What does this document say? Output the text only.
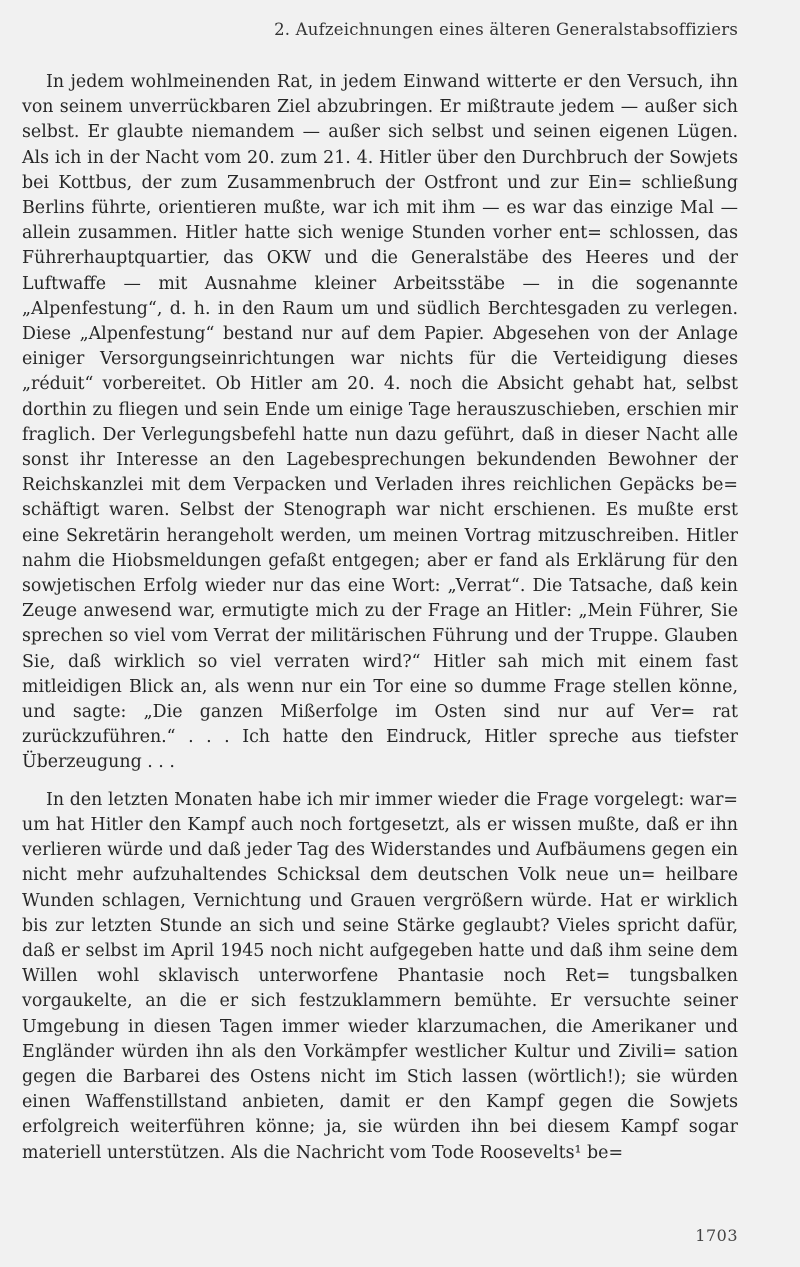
2. Aufzeichnungen eines älteren Generalstabsoffiziers

In jedem wohlmeinenden Rat, in jedem Einwand witterte er den Versuch, ihn von seinem unverrückbaren Ziel abzubringen. Er mißtraute jedem — außer sich selbst. Er glaubte niemandem — außer sich selbst und seinen eigenen Lügen. Als ich in der Nacht vom 20. zum 21. 4. Hitler über den Durchbruch der Sowjets bei Kottbus, der zum Zusammenbruch der Ostfront und zur Ein= schließung Berlins führte, orientieren mußte, war ich mit ihm — es war das einzige Mal — allein zusammen. Hitler hatte sich wenige Stunden vorher ent= schlossen, das Führerhauptquartier, das OKW und die Generalstäbe des Heeres und der Luftwaffe — mit Ausnahme kleiner Arbeitsstäbe — in die sogenannte „Alpenfestung“, d. h. in den Raum um und südlich Berchtesgaden zu verlegen. Diese „Alpenfestung“ bestand nur auf dem Papier. Abgesehen von der Anlage einiger Versorgungseinrichtungen war nichts für die Verteidigung dieses „réduit“ vorbereitet. Ob Hitler am 20. 4. noch die Absicht gehabt hat, selbst dorthin zu fliegen und sein Ende um einige Tage herauszuschieben, erschien mir fraglich. Der Verlegungsbefehl hatte nun dazu geführt, daß in dieser Nacht alle sonst ihr Interesse an den Lagebesprechungen bekundenden Bewohner der Reichskanzlei mit dem Verpacken und Verladen ihres reichlichen Gepäcks be= schäftigt waren. Selbst der Stenograph war nicht erschienen. Es mußte erst eine Sekretärin herangeholt werden, um meinen Vortrag mitzuschreiben. Hitler nahm die Hiobsmeldungen gefaßt entgegen; aber er fand als Erklärung für den sowjetischen Erfolg wieder nur das eine Wort: „Verrat“. Die Tatsache, daß kein Zeuge anwesend war, ermutigte mich zu der Frage an Hitler: „Mein Führer, Sie sprechen so viel vom Verrat der militärischen Führung und der Truppe. Glauben Sie, daß wirklich so viel verraten wird?“ Hitler sah mich mit einem fast mitleidigen Blick an, als wenn nur ein Tor eine so dumme Frage stellen könne, und sagte: „Die ganzen Mißerfolge im Osten sind nur auf Ver= rat zurückzuführen.“ . . . Ich hatte den Eindruck, Hitler spreche aus tiefster Überzeugung . . .

In den letzten Monaten habe ich mir immer wieder die Frage vorgelegt: war= um hat Hitler den Kampf auch noch fortgesetzt, als er wissen mußte, daß er ihn verlieren würde und daß jeder Tag des Widerstandes und Aufbäumens gegen ein nicht mehr aufzuhaltendes Schicksal dem deutschen Volk neue un= heilbare Wunden schlagen, Vernichtung und Grauen vergrößern würde. Hat er wirklich bis zur letzten Stunde an sich und seine Stärke geglaubt? Vieles spricht dafür, daß er selbst im April 1945 noch nicht aufgegeben hatte und daß ihm seine dem Willen wohl sklavisch unterworfene Phantasie noch Ret= tungsbalken vorgaukelte, an die er sich festzuklammern bemühte. Er versuchte seiner Umgebung in diesen Tagen immer wieder klarzumachen, die Amerikaner und Engländer würden ihn als den Vorkämpfer westlicher Kultur und Zivili= sation gegen die Barbarei des Ostens nicht im Stich lassen (wörtlich!); sie würden einen Waffenstillstand anbieten, damit er den Kampf gegen die Sowjets erfolgreich weiterführen könne; ja, sie würden ihn bei diesem Kampf sogar materiell unterstützen. Als die Nachricht vom Tode Roosevelts¹ be=

1703
